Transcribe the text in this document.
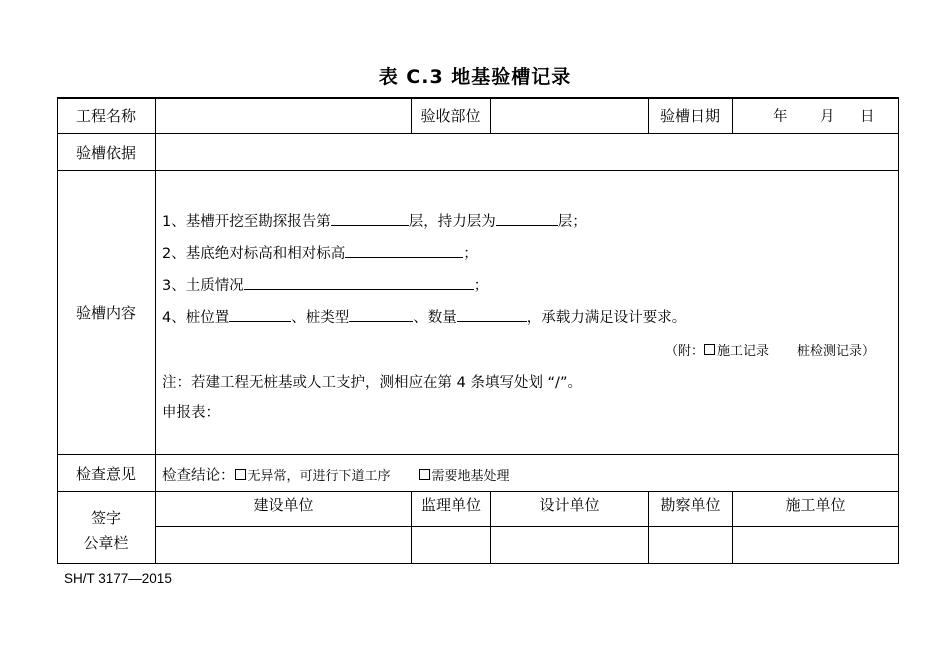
表 C.3 地基验槽记录
工程名称	验收部位	验槽日期	年 月 日
验槽依据
验槽内容
1、基槽开挖至勘探报告第	层，持力层为	层；
2、基底绝对标高和相对标高	；
3、土质情况	；
4、桩位置	、桩类型	、数量	，承载力满足设计要求。
（附： 施工记录 桩检测记录）
注：若建工程无桩基或人工支护，测相应在第 4 条填写处划 “/”。
申报表：
检查意见	检查结论： 无异常，可进行下道工序	需要地基处理
签字
公章栏
建设单位	监理单位	设计单位	勘察单位	施工单位
SH/T 3177—2015
